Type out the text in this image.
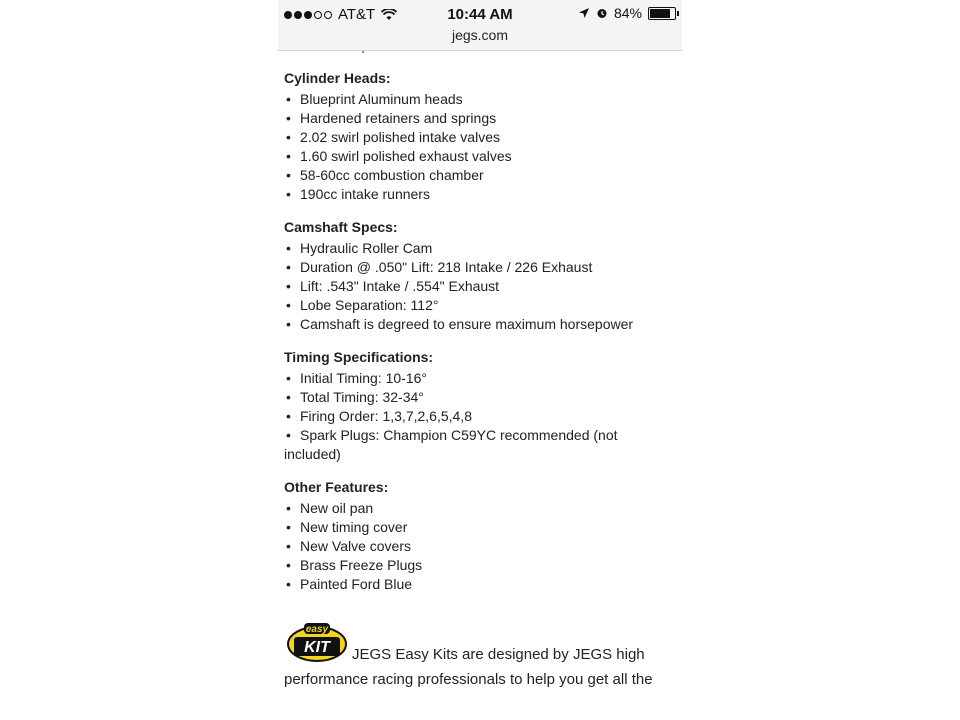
AT&T	10:44 AM
jegs.com
84%
Cylinder Heads:
• Blueprint Aluminum heads
• Hardened retainers and springs
• 2.02 swirl polished intake valves
• 1.60 swirl polished exhaust valves
• 58-60cc combustion chamber
• 190cc intake runners
Camshaft Specs:
• Hydraulic Roller Cam
• Duration @ .050" Lift: 218 Intake / 226 Exhaust
• Lift: .543" Intake / .554" Exhaust
• Lobe Separation: 112°
• Camshaft is degreed to ensure maximum horsepower
Timing Specifications:
• Initial Timing: 10-16°
• Total Timing: 32-34°
• Firing Order: 1,3,7,2,6,5,4,8
• Spark Plugs: Champion C59YC recommended (not
included)
Other Features:
• New oil pan
• New timing cover
• New Valve covers
• Brass Freeze Plugs
• Painted Ford Blue
easy
KIT JEGS Easy Kits are designed by JEGS high
performance racing professionals to help you get all the
